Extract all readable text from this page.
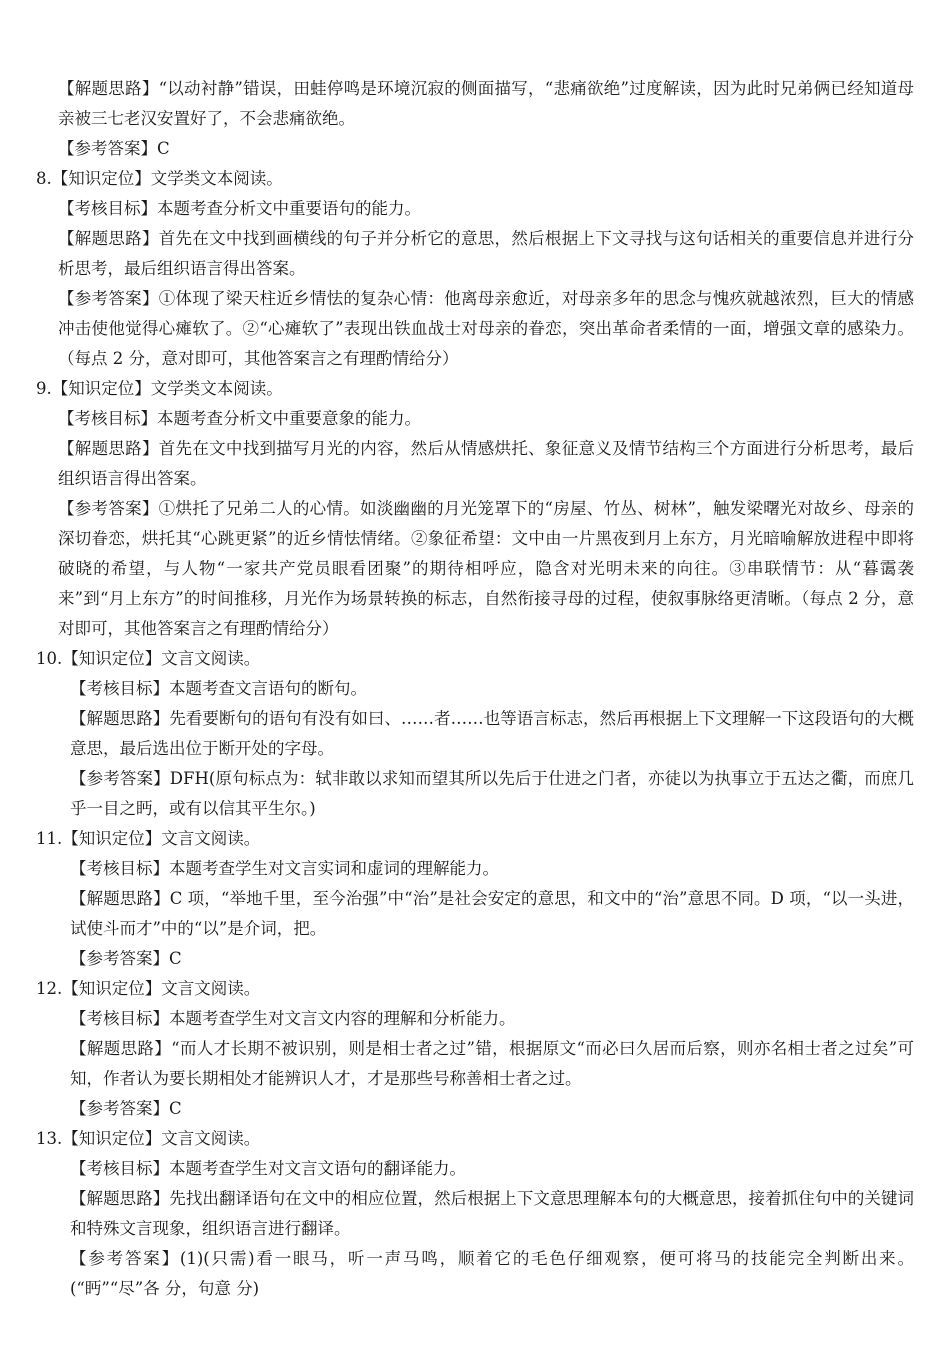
【解题思路】“以动衬静”错误，田蛙停鸣是环境沉寂的侧面描写，“悲痛欲绝”过度解读，因为此时兄弟俩已经知道母亲被三七老汉安置好了，不会悲痛欲绝。

【参考答案】C

8.【知识定位】文学类文本阅读。

【考核目标】本题考查分析文中重要语句的能力。

【解题思路】首先在文中找到画横线的句子并分析它的意思，然后根据上下文寻找与这句话相关的重要信息并进行分析思考，最后组织语言得出答案。

【参考答案】①体现了梁天柱近乡情怯的复杂心情：他离母亲愈近，对母亲多年的思念与愧疚就越浓烈，巨大的情感冲击使他觉得心瘫软了。②“心瘫软了”表现出铁血战士对母亲的眷恋，突出革命者柔情的一面，增强文章的感染力。（每点 2 分，意对即可，其他答案言之有理酌情给分）

9.【知识定位】文学类文本阅读。

【考核目标】本题考查分析文中重要意象的能力。

【解题思路】首先在文中找到描写月光的内容，然后从情感烘托、象征意义及情节结构三个方面进行分析思考，最后组织语言得出答案。

【参考答案】①烘托了兄弟二人的心情。如淡幽幽的月光笼罩下的“房屋、竹丛、树林”，触发梁曙光对故乡、母亲的深切眷恋，烘托其“心跳更紧”的近乡情怯情绪。②象征希望：文中由一片黑夜到月上东方，月光暗喻解放进程中即将破晓的希望，与人物“一家共产党员眼看团聚”的期待相呼应，隐含对光明未来的向往。③串联情节：从“暮霭袭来”到“月上东方”的时间推移，月光作为场景转换的标志，自然衔接寻母的过程，使叙事脉络更清晰。（每点 2 分，意对即可，其他答案言之有理酌情给分）

10.【知识定位】文言文阅读。

【考核目标】本题考查文言语句的断句。

【解题思路】先看要断句的语句有没有如曰、……者……也等语言标志，然后再根据上下文理解一下这段语句的大概意思，最后选出位于断开处的字母。

【参考答案】DFH(原句标点为：轼非敢以求知而望其所以先后于仕进之门者，亦徒以为执事立于五达之衢，而庶几乎一目之眄，或有以信其平生尔。)

11.【知识定位】文言文阅读。

【考核目标】本题考查学生对文言实词和虚词的理解能力。

【解题思路】C 项，“举地千里，至今治强”中“治”是社会安定的意思，和文中的“治”意思不同。D 项，“以一头进，试使斗而才”中的“以”是介词，把。

【参考答案】C

12.【知识定位】文言文阅读。

【考核目标】本题考查学生对文言文内容的理解和分析能力。

【解题思路】“而人才长期不被识别，则是相士者之过”错，根据原文“而必曰久居而后察，则亦名相士者之过矣”可知，作者认为要长期相处才能辨识人才，才是那些号称善相士者之过。

【参考答案】C

13.【知识定位】文言文阅读。

【考核目标】本题考查学生对文言文语句的翻译能力。

【解题思路】先找出翻译语句在文中的相应位置，然后根据上下文意思理解本句的大概意思，接着抓住句中的关键词和特殊文言现象，组织语言进行翻译。

【参考答案】(1)(只需)看一眼马，听一声马鸣，顺着它的毛色仔细观察，便可将马的技能完全判断出来。(“眄”“尽”各 分，句意 分)
